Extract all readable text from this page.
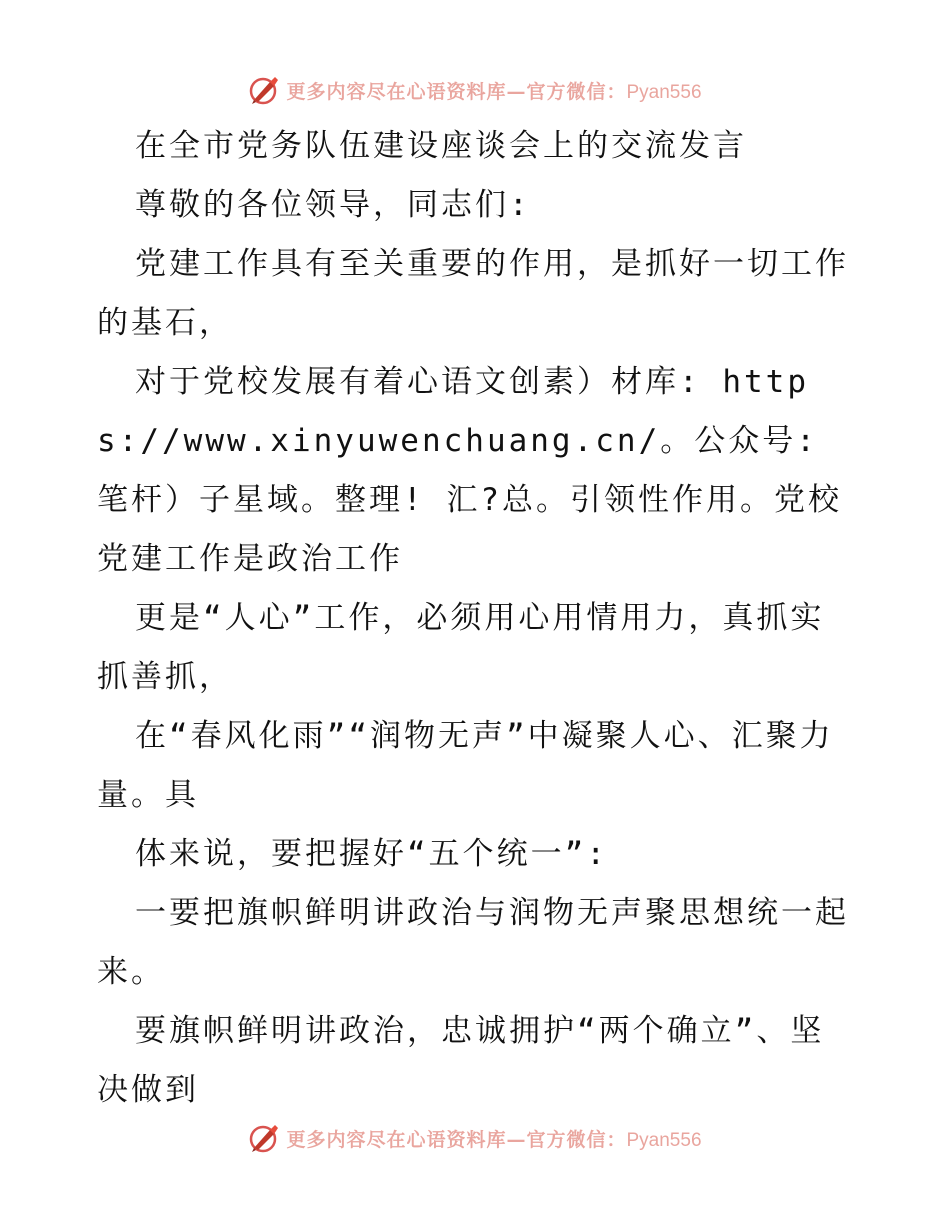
更多内容尽在心语资料库—官方微信：Pyan556

在全市党务队伍建设座谈会上的交流发言

尊敬的各位领导，同志们:

党建工作具有至关重要的作用，是抓好一切工作的基石，

对于党校发展有着心语文创素）材库: https://www.xinyuwenchuang.cn/。公众号: 笔杆）子星域。整理! 汇?总。引领性作用。党校党建工作是政治工作

更是“人心”工作，必须用心用情用力，真抓实抓善抓，

在“春风化雨”“润物无声”中凝聚人心、汇聚力量。具

体来说，要把握好“五个统一”:

一要把旗帜鲜明讲政治与润物无声聚思想统一起来。

要旗帜鲜明讲政治，忠诚拥护“两个确立”、坚决做到

更多内容尽在心语资料库—官方微信：Pyan556
